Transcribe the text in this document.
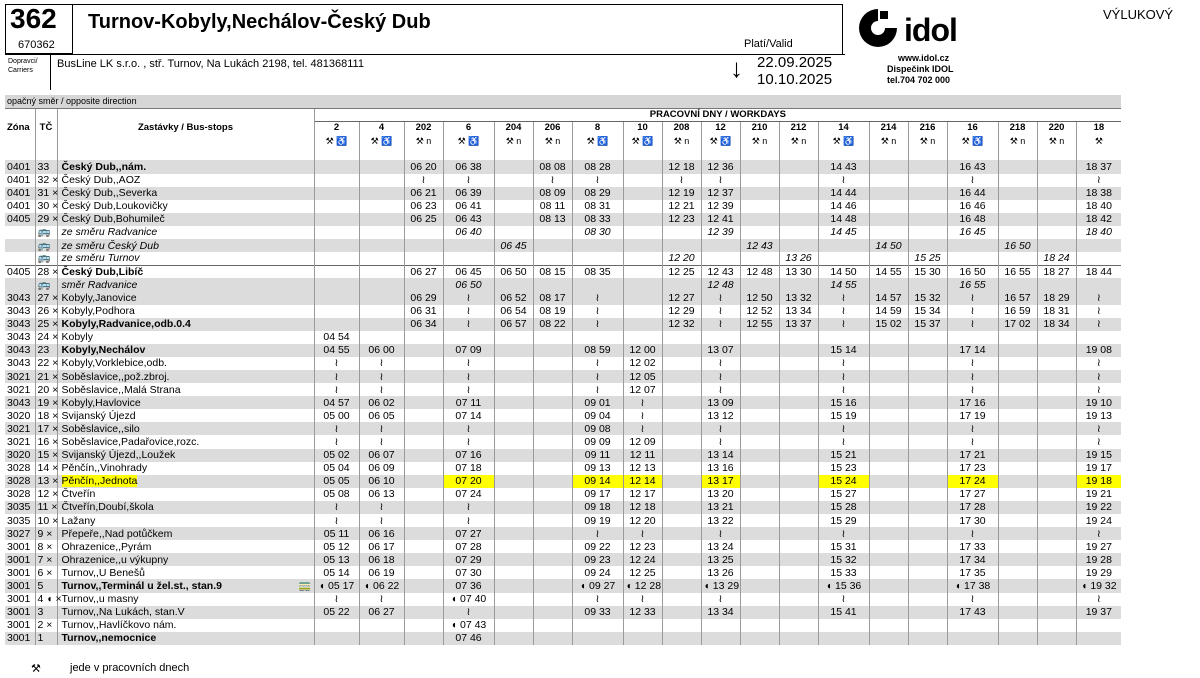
362
670362
Turnov-Kobyly,Nechálov-Český Dub
Dopravci/
Carriers
BusLine LK s.r.o. , stř. Turnov, Na Lukách 2198, tel. 481368111
Platí/Valid
↓ 22.09.2025
10.10.2025
VÝLUKOVÝ
idol
www.idol.cz
Dispečink IDOL
tel.704 702 000
opačný směr / opposite direction																					
Zóna	TČ	Zastávky / Bus-stops	PRACOVNÍ DNY / WORKDAYS																		
			2	4	202	6	204	206	8	10	208	12	210	212	14	214	216	16	218	220	18
			⚒ ♿	⚒ ♿	⚒ n	⚒ ♿	⚒ n	⚒ n	⚒ ♿	⚒ ♿	⚒ n	⚒ ♿	⚒ n	⚒ n	⚒ ♿	⚒ n	⚒ n	⚒ ♿	⚒ n	⚒ n	⚒

0401	33	Český Dub,,nám.			06 20	06 38		08 08	08 28		12 18	12 36			14 43			16 43			18 37
0401	32 ×	Český Dub,,AOZ			≀	≀		≀	≀		≀	≀			≀			≀			≀
0401	31 ×	Český Dub,,Severka			06 21	06 39		08 09	08 29		12 19	12 37			14 44			16 44			18 38
0401	30 ×	Český Dub,Loukovičky			06 23	06 41		08 11	08 31		12 21	12 39			14 46			16 46			18 40
0405	29 ×	Český Dub,Bohumileč			06 25	06 43		08 13	08 33		12 23	12 41			14 48			16 48			18 42
	🚌	ze směru Radvanice				06 40			08 30			12 39			14 45			16 45			18 40
	🚌	ze směru Český Dub					06 45						12 43			14 50			16 50		
	🚌	ze směru Turnov									12 20			13 26			15 25			18 24	
0405	28 ×	Český Dub,Libíč			06 27	06 45	06 50	08 15	08 35		12 25	12 43	12 48	13 30	14 50	14 55	15 30	16 50	16 55	18 27	18 44
	🚌	směr Radvanice				06 50						12 48			14 55			16 55			
3043	27 ×	Kobyly,Janovice			06 29	≀	06 52	08 17	≀		12 27	≀	12 50	13 32	≀	14 57	15 32	≀	16 57	18 29	≀
3043	26 ×	Kobyly,Podhora			06 31	≀	06 54	08 19	≀		12 29	≀	12 52	13 34	≀	14 59	15 34	≀	16 59	18 31	≀
3043	25 ×	Kobyly,Radvanice,odb.0.4			06 34	≀	06 57	08 22	≀		12 32	≀	12 55	13 37	≀	15 02	15 37	≀	17 02	18 34	≀
3043	24 ×	Kobyly	04 54																		
3043	23	Kobyly,Nechálov	04 55	06 00		07 09			08 59	12 00		13 07			15 14			17 14			19 08
3043	22 ×	Kobyly,Vorklebice,odb.	≀	≀		≀			≀	12 02		≀			≀			≀			≀
3021	21 ×	Soběslavice,,pož.zbroj.	≀	≀		≀			≀	12 05		≀			≀			≀			≀
3021	20 ×	Soběslavice,,Malá Strana	≀	≀		≀			≀	12 07		≀			≀			≀			≀
3043	19 ×	Kobyly,Havlovice	04 57	06 02		07 11			09 01	≀		13 09			15 16			17 16			19 10
3020	18 ×	Svijanský Újezd	05 00	06 05		07 14			09 04	≀		13 12			15 19			17 19			19 13
3021	17 ×	Soběslavice,,silo	≀	≀		≀			09 08	≀		≀			≀			≀			≀
3021	16 ×	Soběslavice,Padařovice,rozc.	≀	≀		≀			09 09	12 09		≀			≀			≀			≀
3020	15 ×	Svijanský Újezd,,Loužek	05 02	06 07		07 16			09 11	12 11		13 14			15 21			17 21			19 15
3028	14 ×	Pěnčín,,Vinohrady	05 04	06 09		07 18			09 13	12 13		13 16			15 23			17 23			19 17
3028	13 ×	Pěnčín,,Jednota	05 05	06 10		07 20			09 14	12 14		13 17			15 24			17 24			19 18
3028	12 ×	Čtveřín	05 08	06 13		07 24			09 17	12 17		13 20			15 27			17 27			19 21
3035	11 ×	Čtveřín,Doubí,škola	≀	≀		≀			09 18	12 18		13 21			15 28			17 28			19 22
3035	10 ×	Lažany	≀	≀		≀			09 19	12 20		13 22			15 29			17 30			19 24
3027	9 ×	Přepeře,,Nad potůčkem	05 11	06 16		07 27			≀	≀		≀			≀			≀			≀
3001	8 ×	Ohrazenice,,Pyrám	05 12	06 17		07 28			09 22	12 23		13 24			15 31			17 33			19 27
3001	7 ×	Ohrazenice,,u výkupny	05 13	06 18		07 29			09 23	12 24		13 25			15 32			17 34			19 28
3001	6 ×	Turnov,,U Benešů	05 14	06 19		07 30			09 24	12 25		13 26			15 33			17 35			19 29
3001	5	Turnov,,Terminál u žel.st., stan.9 🚃	◖ 05 17	◖ 06 22		07 36			◖ 09 27	◖ 12 28		◖ 13 29			◖ 15 36			◖ 17 38			◖ 19 32
3001	4 ◖ ×	Turnov,,u masny	≀	≀		◖ 07 40			≀	≀		≀			≀			≀			≀
3001	3	Turnov,,Na Lukách, stan.V	05 22	06 27		≀			09 33	12 33		13 34			15 41			17 43			19 37
3001	2 ×	Turnov,,Havlíčkovo nám.				◖ 07 43															
3001	1	Turnov,,nemocnice				07 46															
⚒	jede v pracovních dnech
